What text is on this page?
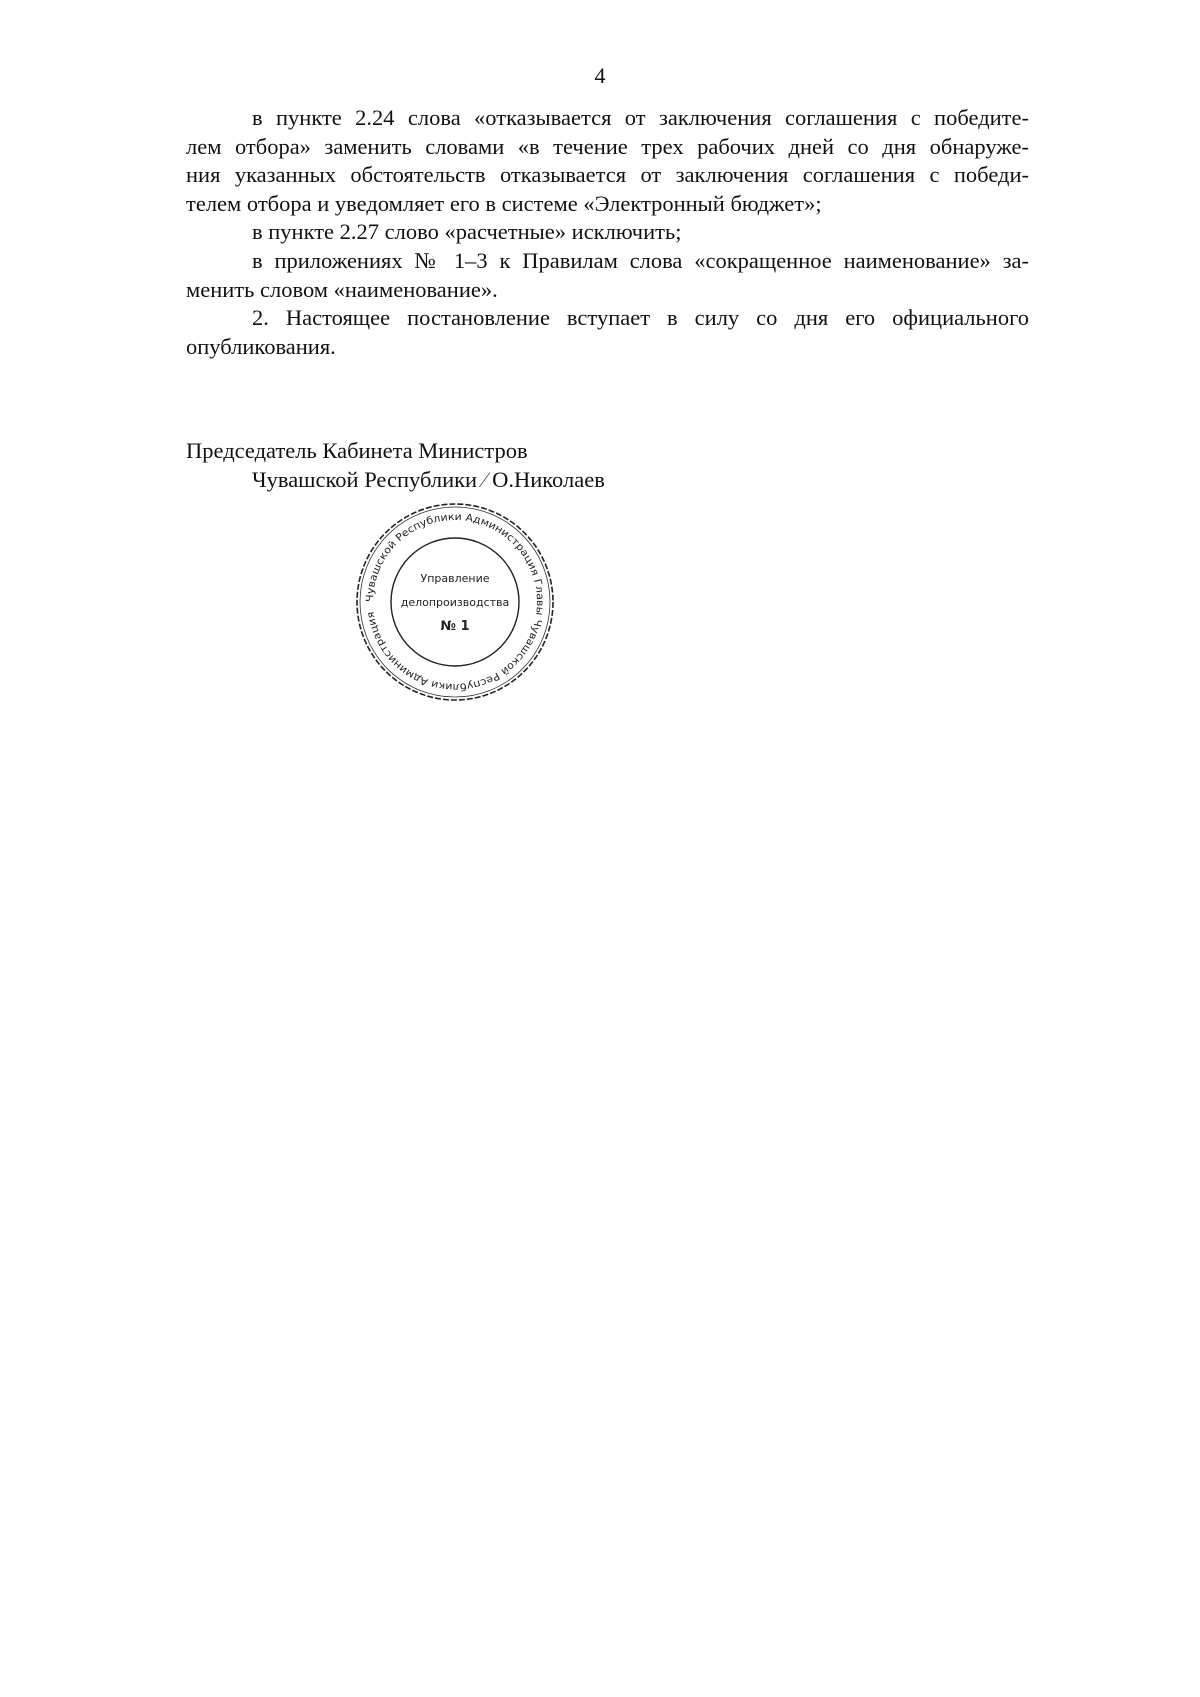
4
в пункте 2.24 слова «отказывается от заключения соглашения с победите-
лем отбора» заменить словами «в течение трех рабочих дней со дня обнаруже-
ния указанных обстоятельств отказывается от заключения соглашения с победи-
телем отбора и уведомляет его в системе «Электронный бюджет»;
в пункте 2.27 слово «расчетные» исключить;
в приложениях № 1–3 к Правилам слова «сокращенное наименование» за-
менить словом «наименование».
2. Настоящее постановление вступает в силу со дня его официального
опубликования.
Председатель Кабинета Министров
Чувашской Республики ⁄ О.Николаев
Чувашской Республики Администрация Главы Чувашской Республики Администрация
Управление
делопроизводства
№ 1
